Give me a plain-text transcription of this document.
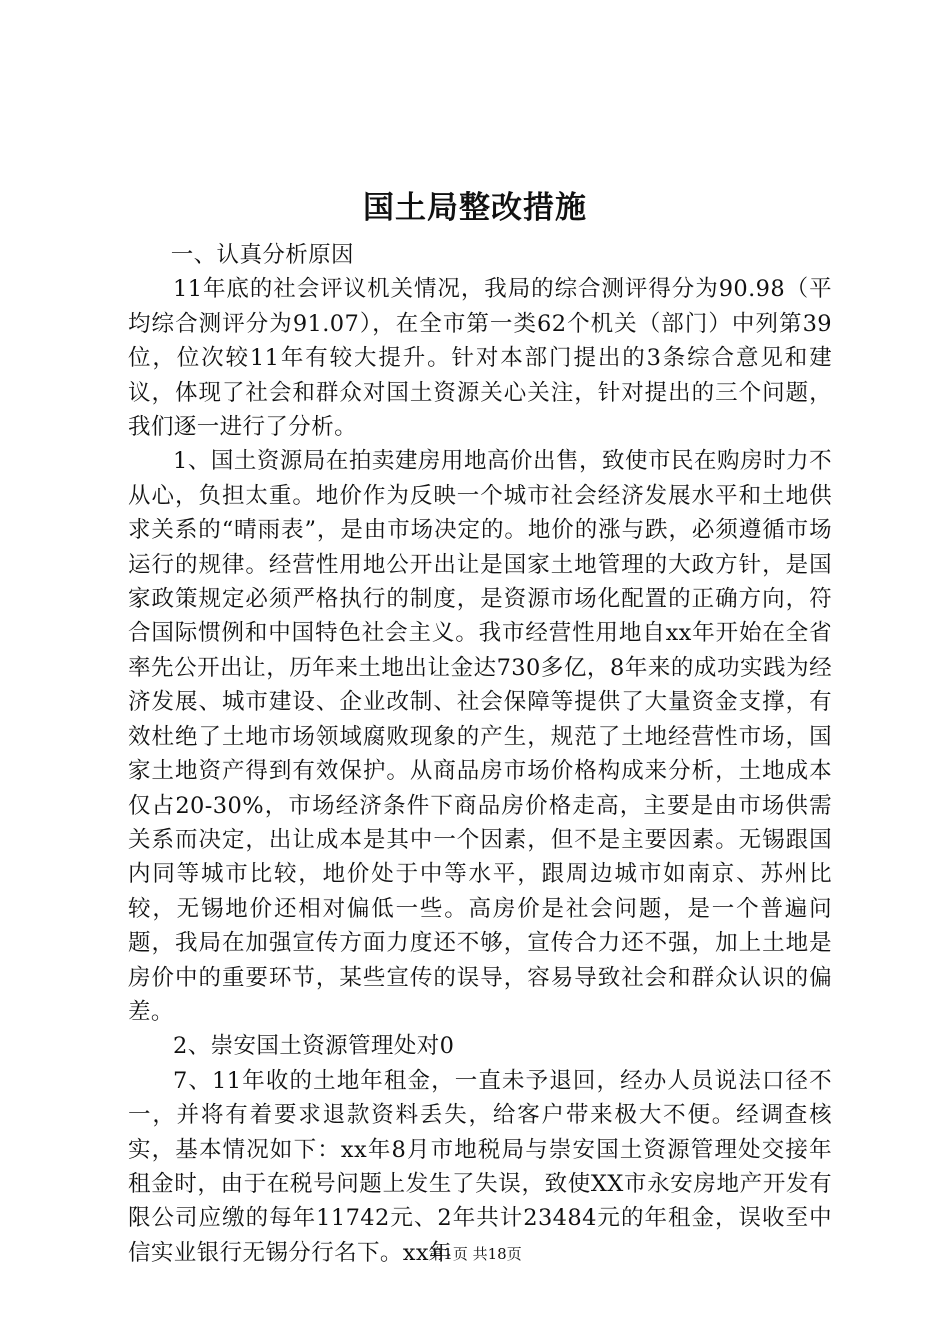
国土局整改措施

一、认真分析原因

11年底的社会评议机关情况，我局的综合测评得分为90.98（平均综合测评分为91.07），在全市第一类62个机关（部门）中列第39位，位次较11年有较大提升。针对本部门提出的3条综合意见和建议，体现了社会和群众对国土资源关心关注，针对提出的三个问题，我们逐一进行了分析。

1、国土资源局在拍卖建房用地高价出售，致使市民在购房时力不从心，负担太重。地价作为反映一个城市社会经济发展水平和土地供求关系的“晴雨表”，是由市场决定的。地价的涨与跌，必须遵循市场运行的规律。经营性用地公开出让是国家土地管理的大政方针，是国家政策规定必须严格执行的制度，是资源市场化配置的正确方向，符合国际惯例和中国特色社会主义。我市经营性用地自xx年开始在全省率先公开出让，历年来土地出让金达730多亿，8年来的成功实践为经济发展、城市建设、企业改制、社会保障等提供了大量资金支撑，有效杜绝了土地市场领域腐败现象的产生，规范了土地经营性市场，国家土地资产得到有效保护。从商品房市场价格构成来分析，土地成本仅占20-30%，市场经济条件下商品房价格走高，主要是由市场供需关系而决定，出让成本是其中一个因素，但不是主要因素。无锡跟国内同等城市比较，地价处于中等水平，跟周边城市如南京、苏州比较，无锡地价还相对偏低一些。高房价是社会问题，是一个普遍问题，我局在加强宣传方面力度还不够，宣传合力还不强，加上土地是房价中的重要环节，某些宣传的误导，容易导致社会和群众认识的偏差。

2、崇安国土资源管理处对0

7、11年收的土地年租金，一直未予退回，经办人员说法口径不一，并将有着要求退款资料丢失，给客户带来极大不便。经调查核实，基本情况如下：xx年8月市地税局与崇安国土资源管理处交接年租金时，由于在税号问题上发生了失误，致使XX市永安房地产开发有限公司应缴的每年11742元、2年共计23484元的年租金，误收至中信实业银行无锡分行名下。xx年

第1页 共18页
